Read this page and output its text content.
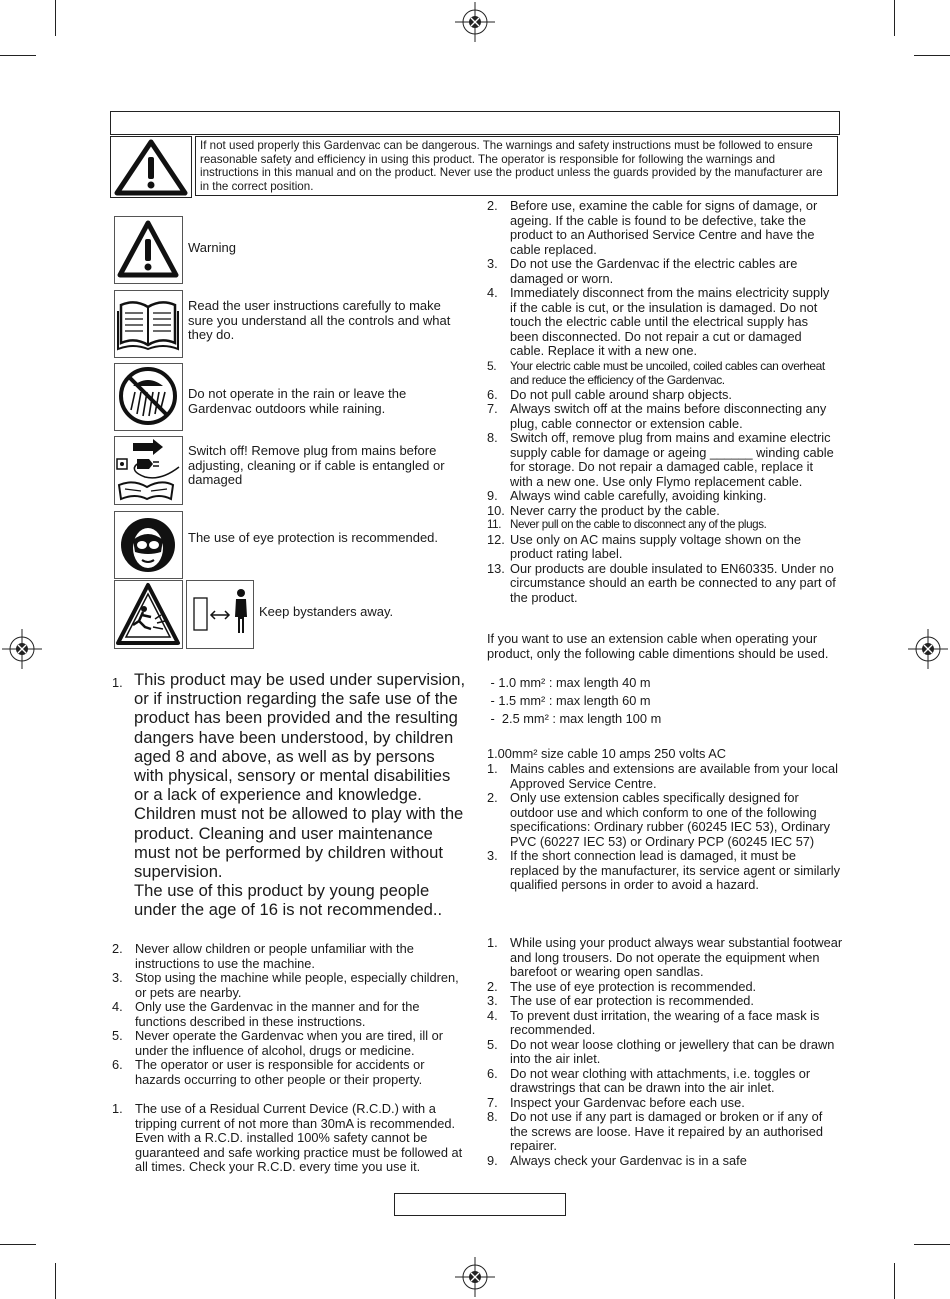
If not used properly this Gardenvac can be dangerous. The warnings and safety instructions must be followed to ensure reasonable safety and efficiency in using this product. The operator is responsible for following the warnings and instructions in this manual and on the product. Never use the product unless the guards provided by the manufacturer are in the correct position.
Warning
Read the user instructions carefully to make sure you understand all the controls and what they do.
Do not operate in the rain or leave the Gardenvac outdoors while raining.
Switch off! Remove plug from mains before adjusting, cleaning or if cable is entangled or damaged
The use of eye protection is recommended.
Keep bystanders away.
1. This product may be used under supervision, or if instruction regarding the safe use of the product has been provided and the resulting dangers have been understood, by children aged 8 and above, as well as by persons with physical, sensory or mental disabilities or a lack of experience and knowledge. Children must not be allowed to play with the product. Cleaning and user maintenance must not be performed by children without supervision.
The use of this product by young people under the age of 16 is not recommended..
2. Never allow children or people unfamiliar with the instructions to use the machine.
3. Stop using the machine while people, especially children, or pets are nearby.
4. Only use the Gardenvac in the manner and for the functions described in these instructions.
5. Never operate the Gardenvac when you are tired, ill or under the influence of alcohol, drugs or medicine.
6. The operator or user is responsible for accidents or hazards occurring to other people or their property.
1. The use of a Residual Current Device (R.C.D.) with a tripping current of not more than 30mA is recommended. Even with a R.C.D. installed 100% safety cannot be guaranteed and safe working practice must be followed at all times. Check your R.C.D. every time you use it.
2. Before use, examine the cable for signs of damage, or ageing. If the cable is found to be defective, take the product to an Authorised Service Centre and have the cable replaced.
3. Do not use the Gardenvac if the electric cables are damaged or worn.
4. Immediately disconnect from the mains electricity supply if the cable is cut, or the insulation is damaged. Do not touch the electric cable until the electrical supply has been disconnected. Do not repair a cut or damaged cable. Replace it with a new one.
5. Your electric cable must be uncoiled, coiled cables can overheat and reduce the efficiency of the Gardenvac.
6. Do not pull cable around sharp objects.
7. Always switch off at the mains before disconnecting any plug, cable connector or extension cable.
8. Switch off, remove plug from mains and examine electric supply cable for damage or ageing ______ winding cable for storage. Do not repair a damaged cable, replace it with a new one. Use only Flymo replacement cable.
9. Always wind cable carefully, avoiding kinking.
10. Never carry the product by the cable.
11. Never pull on the cable to disconnect any of the plugs.
12. Use only on AC mains supply voltage shown on the product rating label.
13. Our products are double insulated to EN60335. Under no circumstance should an earth be connected to any part of the product.
If you want to use an extension cable when operating your product, only the following cable dimentions should be used.
- 1.0 mm² : max length 40 m
- 1.5 mm² : max length 60 m
-  2.5 mm² : max length 100 m
1.00mm² size cable 10 amps 250 volts AC
1. Mains cables and extensions are available from your local Approved Service Centre.
2. Only use extension cables specifically designed for outdoor use and which conform to one of the following specifications: Ordinary rubber (60245 IEC 53), Ordinary PVC (60227 IEC 53) or Ordinary PCP (60245 IEC 57)
3. If the short connection lead is damaged, it must be replaced by the manufacturer, its service agent or similarly qualified persons in order to avoid a hazard.
1. While using your product always wear substantial footwear and long trousers. Do not operate the equipment when barefoot or wearing open sandlas.
2. The use of eye protection is recommended.
3. The use of ear protection is recommended.
4. To prevent dust irritation, the wearing of a face mask is recommended.
5. Do not wear loose clothing or jewellery that can be drawn into the air inlet.
6. Do not wear clothing with attachments, i.e. toggles or drawstrings that can be drawn into the air inlet.
7. Inspect your Gardenvac before each use.
8. Do not use if any part is damaged or broken or if any of the screws are loose. Have it repaired by an authorised repairer.
9. Always check your Gardenvac is in a safe
